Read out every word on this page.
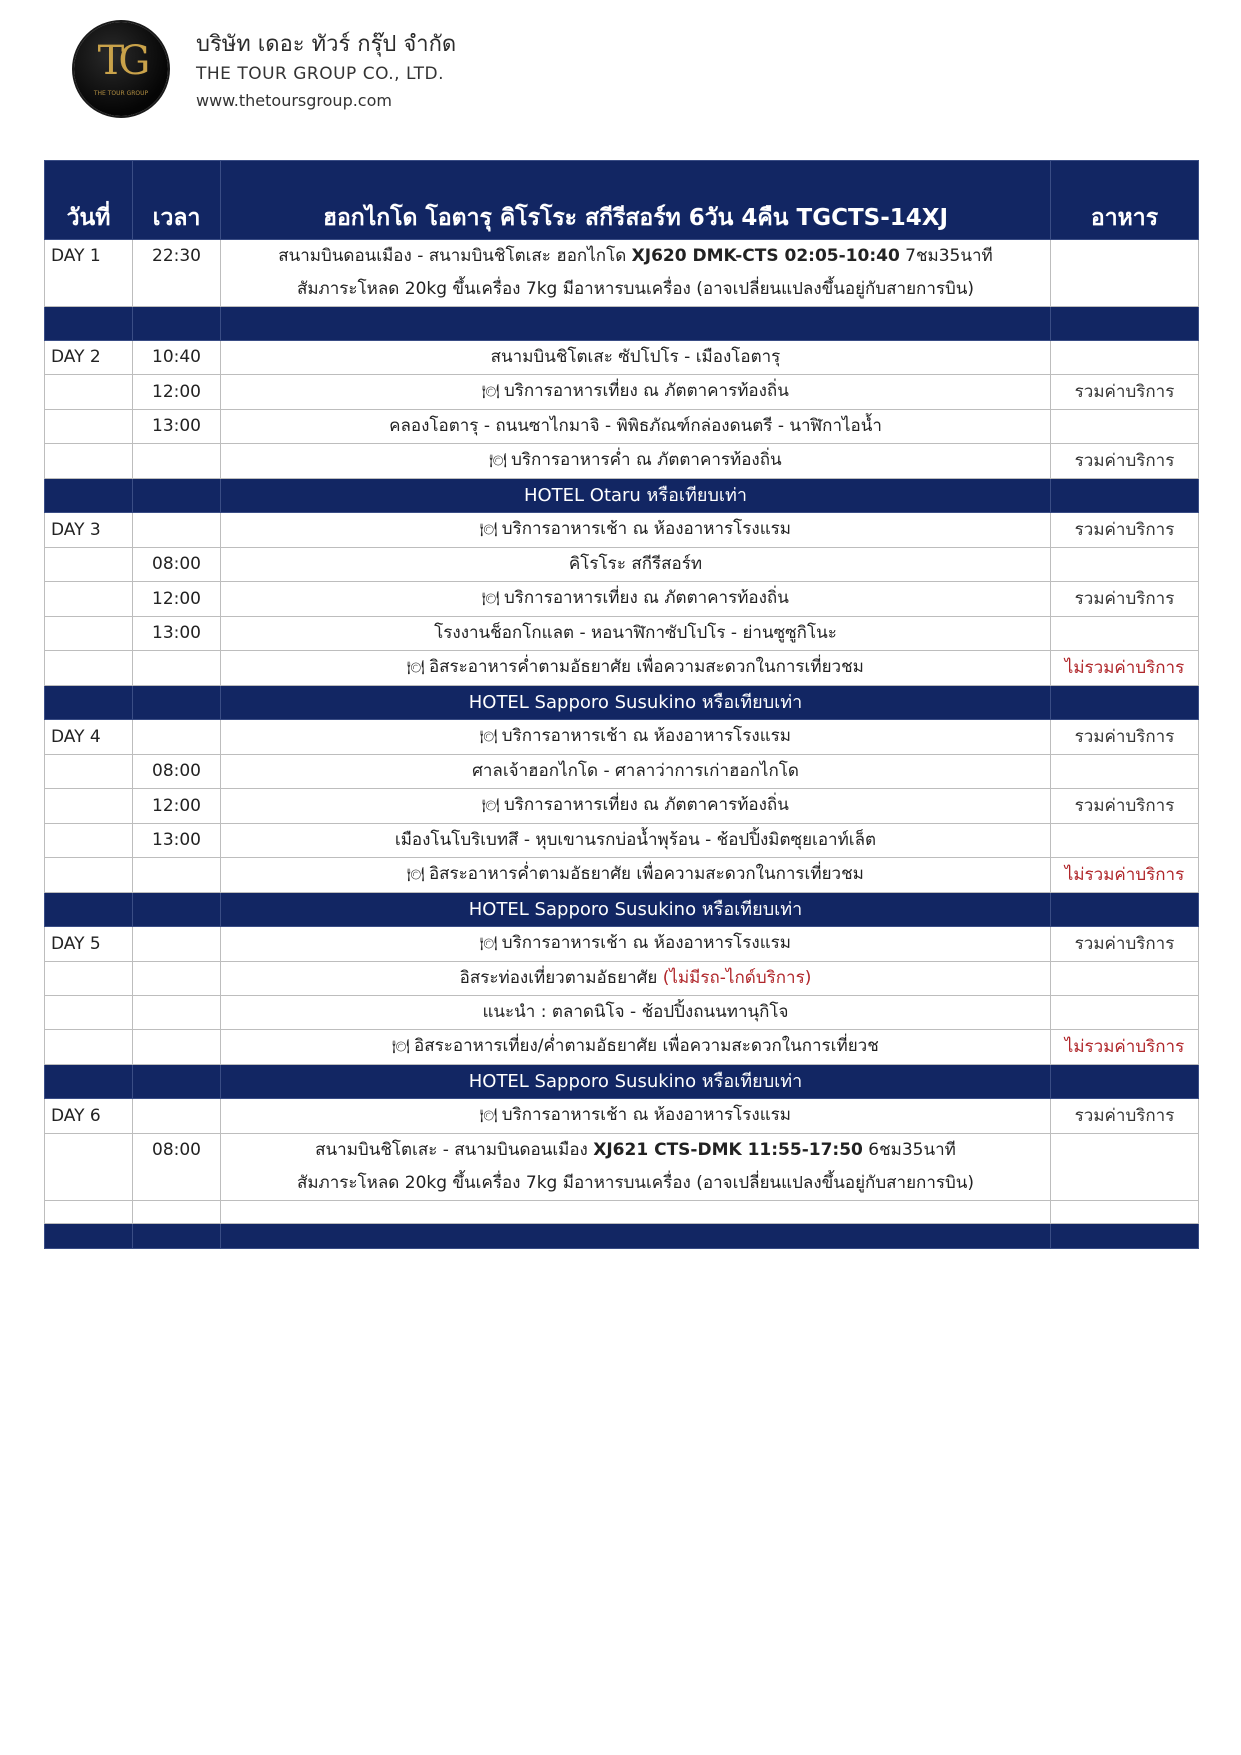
TG
THE TOUR GROUP

บริษัท เดอะ ทัวร์ กรุ๊ป จำกัด

THE TOUR GROUP CO., LTD.

www.thetoursgroup.com

วันที่	เวลา	ฮอกไกโด โอตารุ คิโรโระ สกีรีสอร์ท 6วัน 4คืน TGCTS-14XJ	อาหาร
DAY 1	22:30	สนามบินดอนเมือง - สนามบินชิโตเสะ ฮอกไกโด XJ620 DMK-CTS 02:05-10:40 7ชม35นาที
สัมภาระโหลด 20kg ขึ้นเครื่อง 7kg มีอาหารบนเครื่อง (อาจเปลี่ยนแปลงขึ้นอยู่กับสายการบิน)	

DAY 2	10:40	สนามบินชิโตเสะ ซัปโปโร - เมืองโอตารุ	
	12:00	🍽 บริการอาหารเที่ยง ณ ภัตตาคารท้องถิ่น	รวมค่าบริการ
	13:00	คลองโอตารุ - ถนนซาไกมาจิ - พิพิธภัณฑ์กล่องดนตรี - นาฬิกาไอน้ำ	
		🍽 บริการอาหารค่ำ ณ ภัตตาคารท้องถิ่น	รวมค่าบริการ
		HOTEL Otaru หรือเทียบเท่า	
DAY 3		🍽 บริการอาหารเช้า ณ ห้องอาหารโรงแรม	รวมค่าบริการ
	08:00	คิโรโระ สกีรีสอร์ท	
	12:00	🍽 บริการอาหารเที่ยง ณ ภัตตาคารท้องถิ่น	รวมค่าบริการ
	13:00	โรงงานช็อกโกแลต - หอนาฬิกาซัปโปโร - ย่านซูซูกิโนะ	
		🍽 อิสระอาหารค่ำตามอัธยาศัย เพื่อความสะดวกในการเที่ยวชม	ไม่รวมค่าบริการ
		HOTEL Sapporo Susukino หรือเทียบเท่า	
DAY 4		🍽 บริการอาหารเช้า ณ ห้องอาหารโรงแรม	รวมค่าบริการ
	08:00	ศาลเจ้าฮอกไกโด - ศาลาว่าการเก่าฮอกไกโด	
	12:00	🍽 บริการอาหารเที่ยง ณ ภัตตาคารท้องถิ่น	รวมค่าบริการ
	13:00	เมืองโนโบริเบทสึ - หุบเขานรกบ่อน้ำพุร้อน - ช้อปปิ้งมิตซุยเอาท์เล็ต	
		🍽 อิสระอาหารค่ำตามอัธยาศัย เพื่อความสะดวกในการเที่ยวชม	ไม่รวมค่าบริการ
		HOTEL Sapporo Susukino หรือเทียบเท่า	
DAY 5		🍽 บริการอาหารเช้า ณ ห้องอาหารโรงแรม	รวมค่าบริการ
		อิสระท่องเที่ยวตามอัธยาศัย (ไม่มีรถ-ไกด์บริการ)	
		แนะนำ : ตลาดนิโจ - ช้อปปิ้งถนนทานุกิโจ	
		🍽 อิสระอาหารเที่ยง/ค่ำตามอัธยาศัย เพื่อความสะดวกในการเที่ยวช	ไม่รวมค่าบริการ
		HOTEL Sapporo Susukino หรือเทียบเท่า	
DAY 6		🍽 บริการอาหารเช้า ณ ห้องอาหารโรงแรม	รวมค่าบริการ
	08:00	สนามบินชิโตเสะ - สนามบินดอนเมือง XJ621 CTS-DMK 11:55-17:50 6ชม35นาที
สัมภาระโหลด 20kg ขึ้นเครื่อง 7kg มีอาหารบนเครื่อง (อาจเปลี่ยนแปลงขึ้นอยู่กับสายการบิน)	
